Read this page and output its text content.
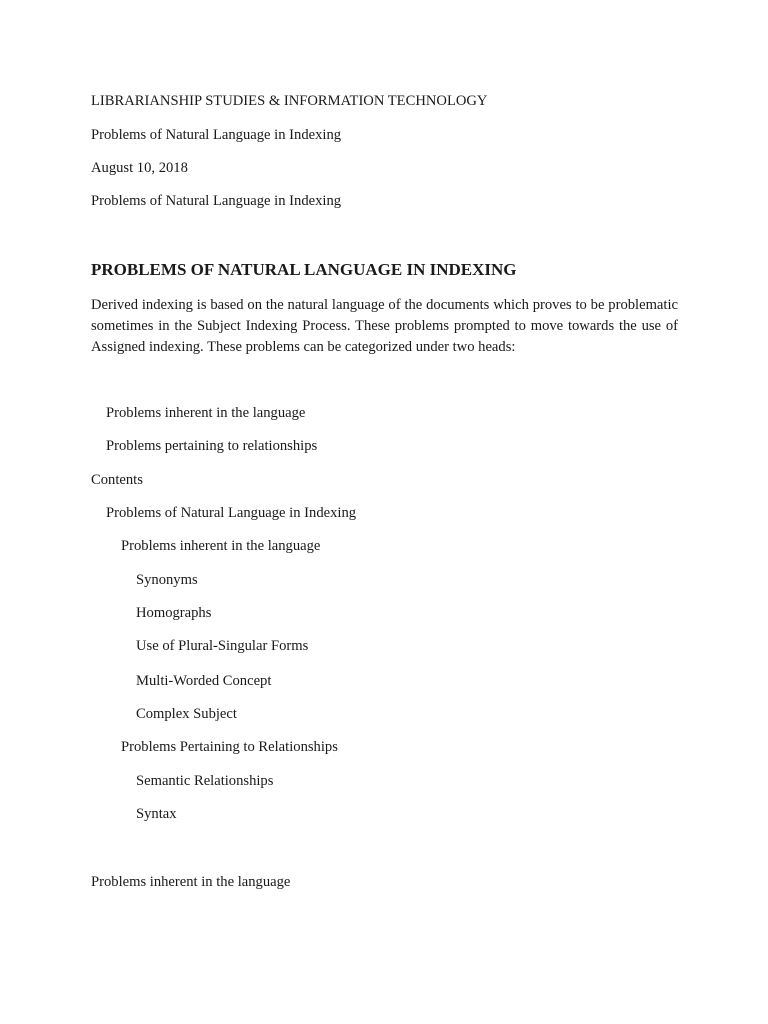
LIBRARIANSHIP STUDIES & INFORMATION TECHNOLOGY
Problems of Natural Language in Indexing
August 10, 2018
Problems of Natural Language in Indexing
PROBLEMS OF NATURAL LANGUAGE IN INDEXING
Derived indexing is based on the natural language of the documents which proves to be problematic sometimes in the Subject Indexing Process. These problems prompted to move towards the use of Assigned indexing. These problems can be categorized under two heads:
Problems inherent in the language
Problems pertaining to relationships
Contents
Problems of Natural Language in Indexing
Problems inherent in the language
Synonyms
Homographs
Use of Plural-Singular Forms
Multi-Worded Concept
Complex Subject
Problems Pertaining to Relationships
Semantic Relationships
Syntax
Problems inherent in the language
